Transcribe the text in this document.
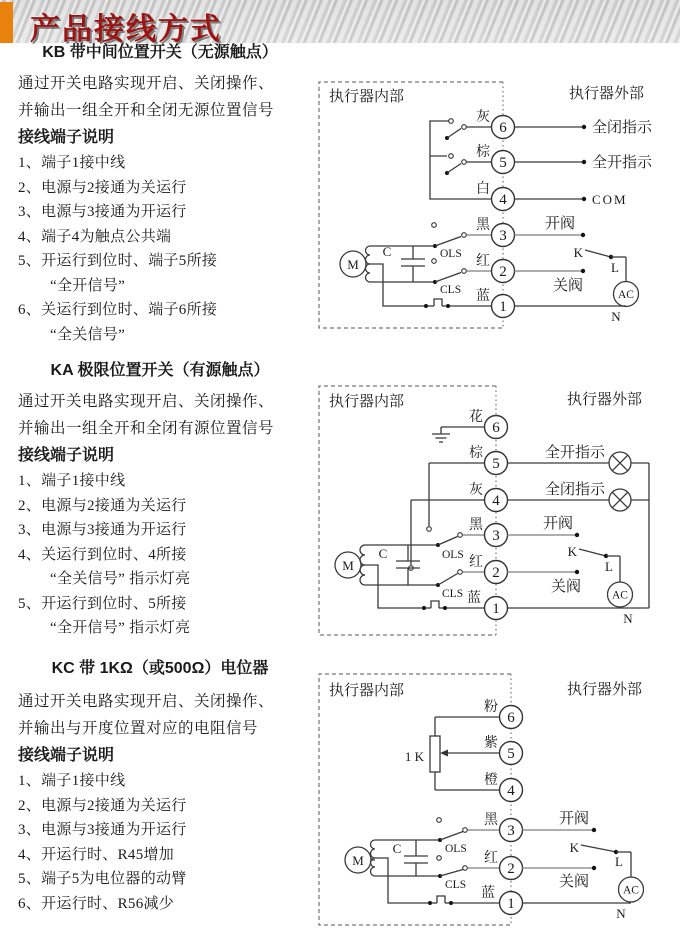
产品接线方式
KB 带中间位置开关（无源触点）
通过开关电路实现开启、关闭操作、
并输出一组全开和全闭无源位置信号
接线端子说明
1、端子1接中线
2、电源与2接通为关运行
3、电源与3接通为开运行
4、端子4为触点公共端
5、开运行到位时、端子5所接
“全开信号”
6、关运行到位时、端子6所接
“全关信号”
执行器内部	执行器外部
M
OLS
C
CLS
6
5
4
3
2
1
灰
棕
白
黑
红
蓝
全闭指示
全开指示
COM
开阀
关阀
K
L
AC
N
KA 极限位置开关（有源触点）
通过开关电路实现开启、关闭操作、
并输出一组全开和全闭有源位置信号
接线端子说明
1、端子1接中线
2、电源与2接通为关运行
3、电源与3接通为开运行
4、关运行到位时、4所接
“全关信号” 指示灯亮
5、开运行到位时、5所接
“全开信号” 指示灯亮
执行器内部	执行器外部
M
OLS
C
CLS
6
5
4
3
2
1
花
棕
灰
黑
红
蓝
全开指示
全闭指示
开阀
关阀
K
L
AC
N
KC 带 1KΩ（或500Ω）电位器
通过开关电路实现开启、关闭操作、
并输出与开度位置对应的电阻信号
接线端子说明
1、端子1接中线
2、电源与2接通为关运行
3、电源与3接通为开运行
4、开运行时、R45增加
5、端子5为电位器的动臂
6、开运行时、R56减少
执行器内部	执行器外部
1 K
M
OLS
C
CLS
6
5
4
3
2
1
粉
紫
橙
黑
红
蓝
开阀
关阀
K
L
AC
N
